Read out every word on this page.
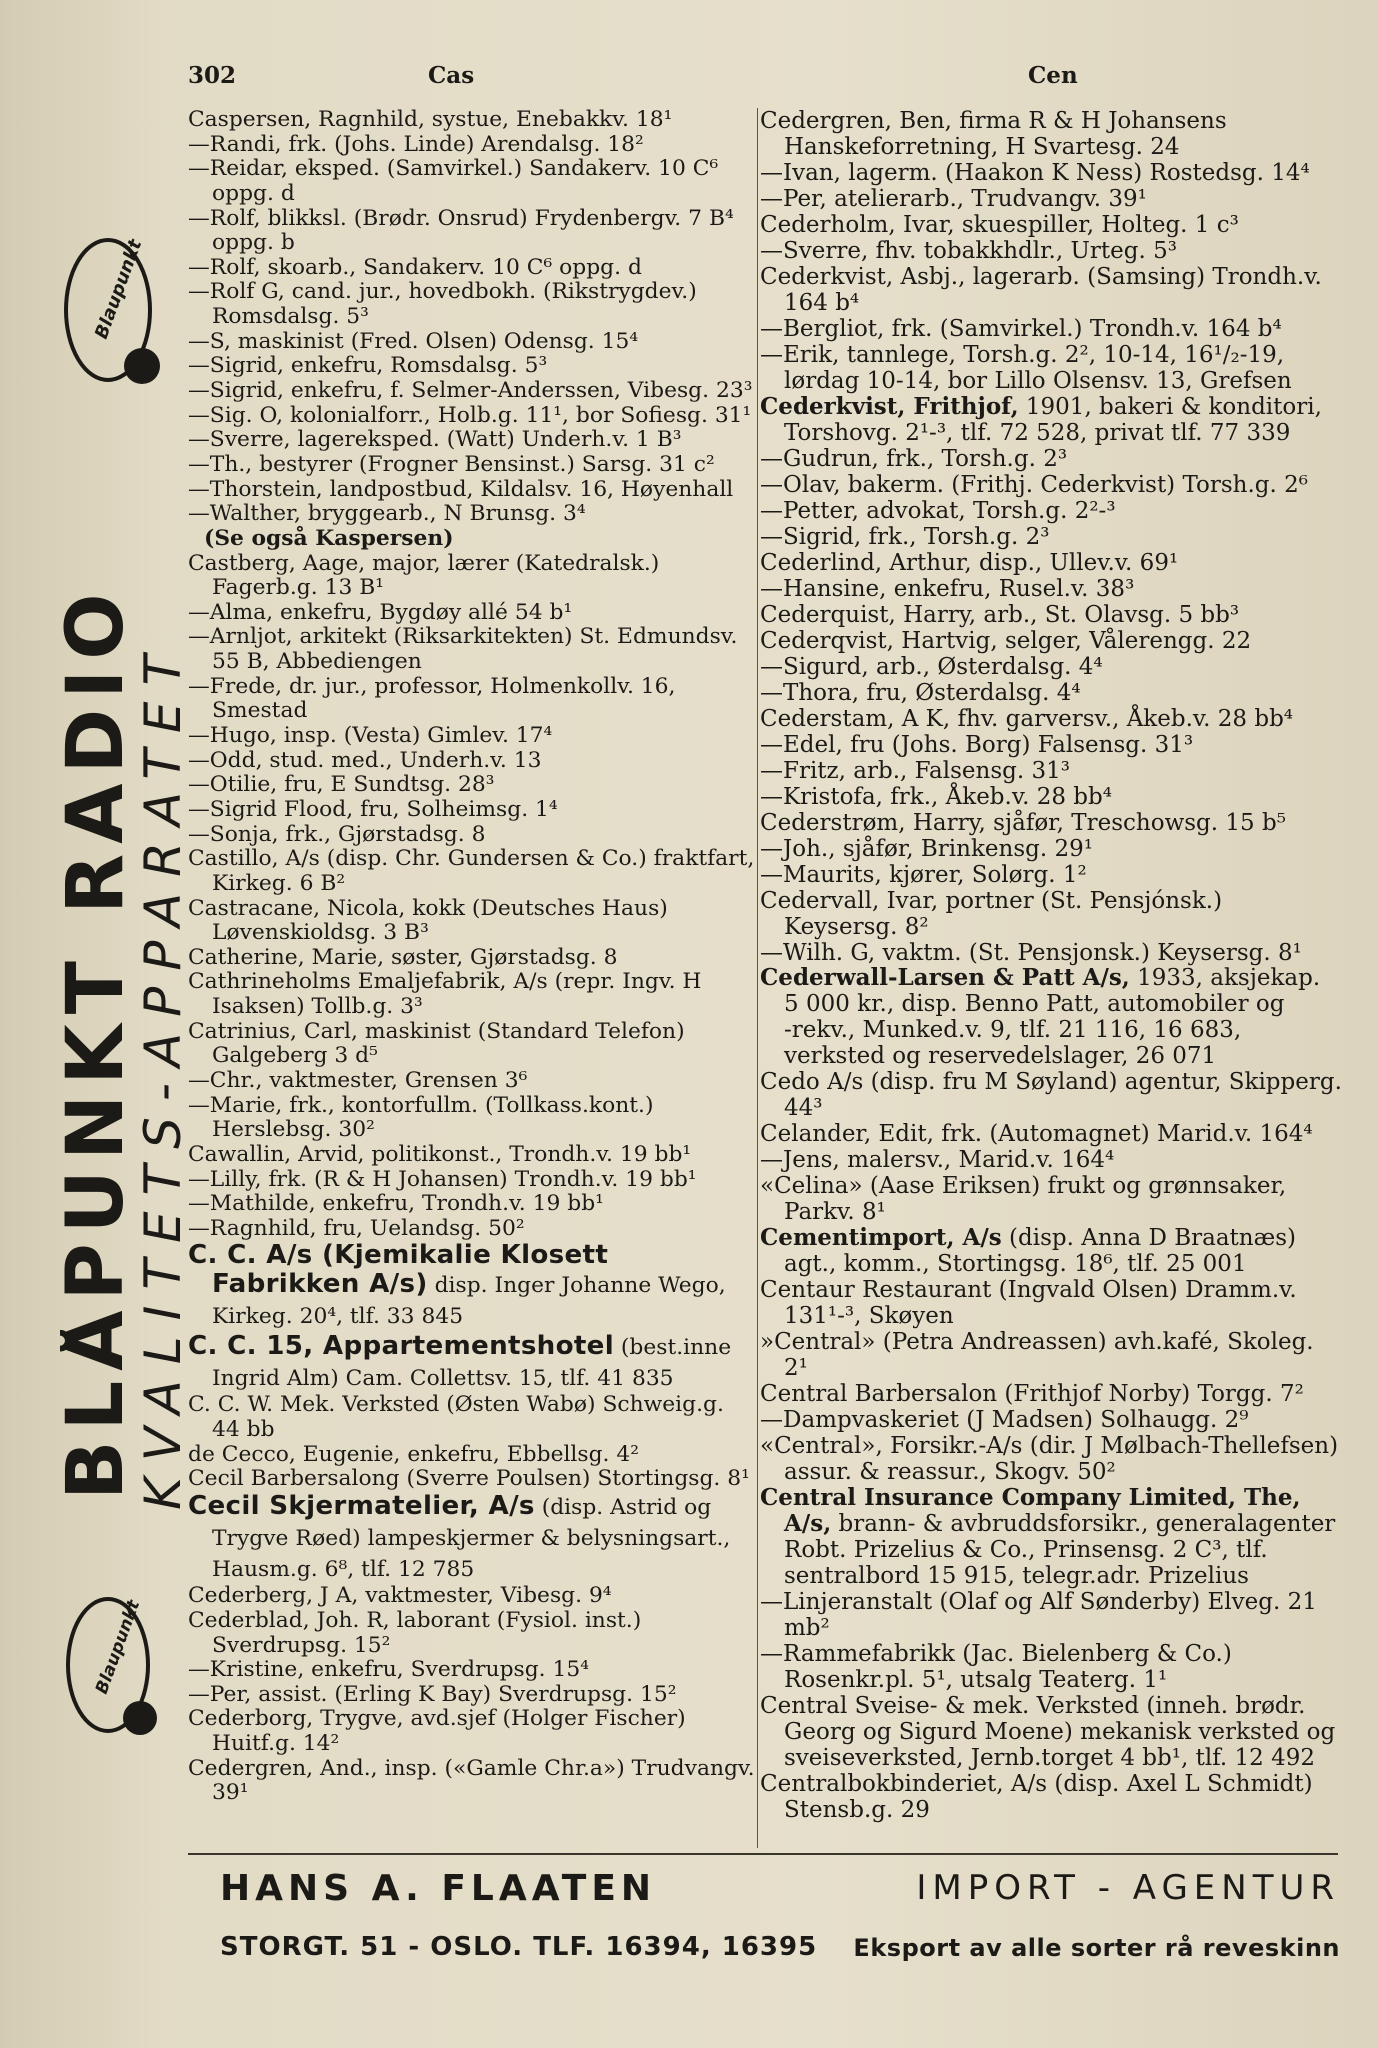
Blaupunkt
BLÅPUNKT RADIO
KVALITETS-APPARATET
Blaupunkt
302	Cas	Cen

Caspersen, Ragnhild, systue, Enebakkv. 18¹

—Randi, frk. (Johs. Linde) Arendalsg. 18²

—Reidar, eksped. (Samvirkel.) Sandakerv. 10 C⁶ oppg. d

—Rolf, blikksl. (Brødr. Onsrud) Frydenbergv. 7 B⁴ oppg. b

—Rolf, skoarb., Sandakerv. 10 C⁶ oppg. d

—Rolf G, cand. jur., hovedbokh. (Rikstrygdev.) Romsdalsg. 5³

—S, maskinist (Fred. Olsen) Odensg. 15⁴

—Sigrid, enkefru, Romsdalsg. 5³

—Sigrid, enkefru, f. Selmer-Anderssen, Vibesg. 23³

—Sig. O, kolonialforr., Holb.g. 11¹, bor Sofiesg. 31¹

—Sverre, lagereksped. (Watt) Underh.v. 1 B³

—Th., bestyrer (Frogner Bensinst.) Sarsg. 31 c²

—Thorstein, landpostbud, Kildalsv. 16, Høyenhall

—Walther, bryggearb., N Brunsg. 3⁴

(Se også Kaspersen)

Castberg, Aage, major, lærer (Katedralsk.) Fagerb.g. 13 B¹

—Alma, enkefru, Bygdøy allé 54 b¹

—Arnljot, arkitekt (Riksarkitekten) St. Edmundsv. 55 B, Abbediengen

—Frede, dr. jur., professor, Holmenkollv. 16, Smestad

—Hugo, insp. (Vesta) Gimlev. 17⁴

—Odd, stud. med., Underh.v. 13

—Otilie, fru, E Sundtsg. 28³

—Sigrid Flood, fru, Solheimsg. 1⁴

—Sonja, frk., Gjørstadsg. 8

Castillo, A/s (disp. Chr. Gundersen & Co.) fraktfart, Kirkeg. 6 B²

Castracane, Nicola, kokk (Deutsches Haus) Løvenskioldsg. 3 B³

Catherine, Marie, søster, Gjørstadsg. 8

Cathrineholms Emaljefabrik, A/s (repr. Ingv. H Isaksen) Tollb.g. 3³

Catrinius, Carl, maskinist (Standard Telefon) Galgeberg 3 d⁵

—Chr., vaktmester, Grensen 3⁶

—Marie, frk., kontorfullm. (Tollkass.kont.) Herslebsg. 30²

Cawallin, Arvid, politikonst., Trondh.v. 19 bb¹

—Lilly, frk. (R & H Johansen) Trondh.v. 19 bb¹

—Mathilde, enkefru, Trondh.v. 19 bb¹

—Ragnhild, fru, Uelandsg. 50²

C. C. A/s (Kjemikalie Klosett Fabrikken A/s) disp. Inger Johanne Wego, Kirkeg. 20⁴, tlf. 33 845

C. C. 15, Appartementshotel (best.inne Ingrid Alm) Cam. Collettsv. 15, tlf. 41 835

C. C. W. Mek. Verksted (Østen Wabø) Schweig.g. 44 bb

de Cecco, Eugenie, enkefru, Ebbellsg. 4²

Cecil Barbersalong (Sverre Poulsen) Stortingsg. 8¹

Cecil Skjermatelier, A/s (disp. Astrid og Trygve Røed) lampeskjermer & belysningsart., Hausm.g. 6⁸, tlf. 12 785

Cederberg, J A, vaktmester, Vibesg. 9⁴

Cederblad, Joh. R, laborant (Fysiol. inst.) Sverdrupsg. 15²

—Kristine, enkefru, Sverdrupsg. 15⁴

—Per, assist. (Erling K Bay) Sverdrupsg. 15²

Cederborg, Trygve, avd.sjef (Holger Fischer) Huitf.g. 14²

Cedergren, And., insp. («Gamle Chr.a») Trudvangv. 39¹

Cedergren, Ben, firma R & H Johansens Hanskeforretning, H Svartesg. 24

—Ivan, lagerm. (Haakon K Ness) Rostedsg. 14⁴

—Per, atelierarb., Trudvangv. 39¹

Cederholm, Ivar, skuespiller, Holteg. 1 c³

—Sverre, fhv. tobakkhdlr., Urteg. 5³

Cederkvist, Asbj., lagerarb. (Samsing) Trondh.v. 164 b⁴

—Bergliot, frk. (Samvirkel.) Trondh.v. 164 b⁴

—Erik, tannlege, Torsh.g. 2², 10-14, 16¹/₂-19, lørdag 10-14, bor Lillo Olsensv. 13, Grefsen

Cederkvist, Frithjof, 1901, bakeri & konditori, Torshovg. 2¹‑³, tlf. 72 528, privat tlf. 77 339

—Gudrun, frk., Torsh.g. 2³

—Olav, bakerm. (Frithj. Cederkvist) Torsh.g. 2⁶

—Petter, advokat, Torsh.g. 2²‑³

—Sigrid, frk., Torsh.g. 2³

Cederlind, Arthur, disp., Ullev.v. 69¹

—Hansine, enkefru, Rusel.v. 38³

Cederquist, Harry, arb., St. Olavsg. 5 bb³

Cederqvist, Hartvig, selger, Vålerengg. 22

—Sigurd, arb., Østerdalsg. 4⁴

—Thora, fru, Østerdalsg. 4⁴

Cederstam, A K, fhv. garversv., Åkeb.v. 28 bb⁴

—Edel, fru (Johs. Borg) Falsensg. 31³

—Fritz, arb., Falsensg. 31³

—Kristofa, frk., Åkeb.v. 28 bb⁴

Cederstrøm, Harry, sjåfør, Treschowsg. 15 b⁵

—Joh., sjåfør, Brinkensg. 29¹

—Maurits, kjører, Solørg. 1²

Cedervall, Ivar, portner (St. Pensjónsk.) Keysersg. 8²

—Wilh. G, vaktm. (St. Pensjonsk.) Keysersg. 8¹

Cederwall-Larsen & Patt A/s, 1933, aksjekap. 5 000 kr., disp. Benno Patt, automobiler og ‑rekv., Munked.v. 9, tlf. 21 116, 16 683, verksted og reservedelslager, 26 071

Cedo A/s (disp. fru M Søyland) agentur, Skipperg. 44³

Celander, Edit, frk. (Automagnet) Marid.v. 164⁴

—Jens, malersv., Marid.v. 164⁴

«Celina» (Aase Eriksen) frukt og grønnsaker, Parkv. 8¹

Cementimport, A/s (disp. Anna D Braatnæs) agt., komm., Stortingsg. 18⁶, tlf. 25 001

Centaur Restaurant (Ingvald Olsen) Dramm.v. 131¹‑³, Skøyen

»Central» (Petra Andreassen) avh.kafé, Skoleg. 2¹

Central Barbersalon (Frithjof Norby) Torgg. 7²

—Dampvaskeriet (J Madsen) Solhaugg. 2⁹

«Central», Forsikr.-A/s (dir. J Mølbach-Thellefsen) assur. & reassur., Skogv. 50²

Central Insurance Company Limited, The, A/s, brann- & avbruddsforsikr., generalagenter Robt. Prizelius & Co., Prinsensg. 2 C³, tlf. sentralbord 15 915, telegr.adr. Prizelius

—Linjeranstalt (Olaf og Alf Sønderby) Elveg. 21 mb²

—Rammefabrikk (Jac. Bielenberg & Co.) Rosenkr.pl. 5¹, utsalg Teaterg. 1¹

Central Sveise- & mek. Verksted (inneh. brødr. Georg og Sigurd Moene) mekanisk verksted og sveiseverksted, Jernb.torget 4 bb¹, tlf. 12 492

Centralbokbinderiet, A/s (disp. Axel L Schmidt) Stensb.g. 29

HANS A. FLAATEN	IMPORT - AGENTUR
STORGT. 51 - OSLO. TLF. 16394, 16395 Eksport av alle sorter rå reveskinn
